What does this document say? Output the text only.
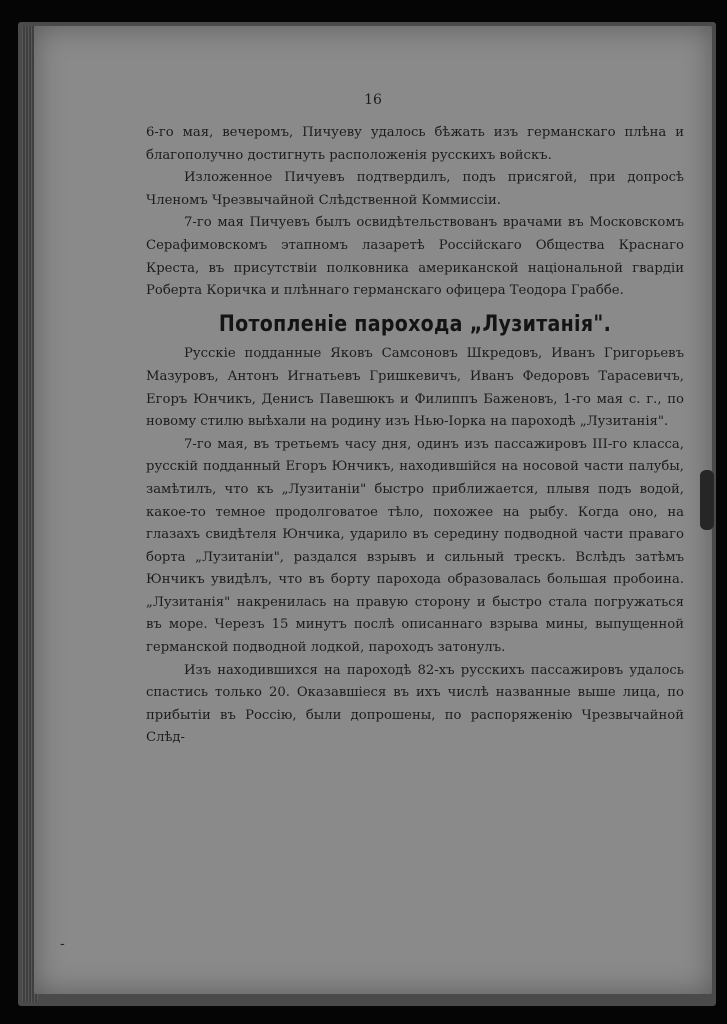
16

6-го мая, вечеромъ, Пичуеву удалось бѣжать изъ германскаго плѣна и благополучно достигнуть расположенія русскихъ войскъ.

Изложенное Пичуевъ подтвердилъ, подъ присягой, при допросѣ Членомъ Чрезвычайной Слѣдственной Коммиссіи.

7-го мая Пичуевъ былъ освидѣтельствованъ врачами въ Московскомъ Серафимовскомъ этапномъ лазаретѣ Россійскаго Общества Краснаго Креста, въ присутствіи полковника американской національной гвардіи Роберта Коричка и плѣннаго германскаго офицера Теодора Граббе.

Потопленіе парохода „Лузитанія".

Русскіе подданные Яковъ Самсоновъ Шкредовъ, Иванъ Григорьевъ Мазуровъ, Антонъ Игнатьевъ Гришкевичъ, Иванъ Федоровъ Тарасевичъ, Егоръ Юнчикъ, Денисъ Павешюкъ и Филиппъ Баженовъ, 1-го мая с. г., по новому стилю выѣхали на родину изъ Нью-Іорка на пароходѣ „Лузитанія".

7-го мая, въ третьемъ часу дня, одинъ изъ пассажировъ III-го класса, русскій подданный Егоръ Юнчикъ, находившійся на носовой части палубы, замѣтилъ, что къ „Лузитаніи" быстро приближается, плывя подъ водой, какое-то темное продолговатое тѣло, похожее на рыбу. Когда оно, на глазахъ свидѣтеля Юнчика, ударило въ середину подводной части праваго борта „Лузитаніи", раздался взрывъ и сильный трескъ. Вслѣдъ затѣмъ Юнчикъ увидѣлъ, что въ борту парохода образовалась большая пробоина. „Лузитанія" накренилась на правую сторону и быстро стала погружаться въ море. Черезъ 15 минутъ послѣ описаннаго взрыва мины, выпущенной германской подводной лодкой, пароходъ затонулъ.

Изъ находившихся на пароходѣ 82-хъ русскихъ пассажировъ удалось спастись только 20. Оказавшіеся въ ихъ числѣ названные выше лица, по прибытіи въ Россію, были допрошены, по распоряженію Чрезвычайной Слѣд-

-
